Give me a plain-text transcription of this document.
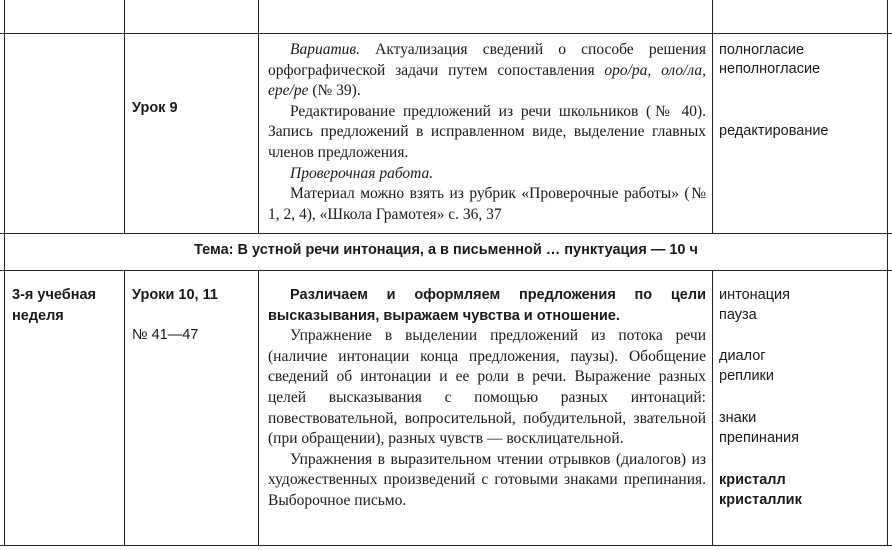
Урок 9

Вариатив. Актуализация сведений о способе решения орфографической задачи путем сопоставления оро/ра, оло/ла, ере/ре (№ 39).

Редактирование предложений из речи школьников (№ 40). Запись предложений в исправленном виде, выделение главных членов предложения.

Проверочная работа.

Материал можно взять из рубрик «Проверочные работы» (№ 1, 2, 4), «Школа Грамотея» с. 36, 37

полногласие
неполногласие
редактирование
Тема: В устной речи интонация, а в письменной … пунктуация — 10 ч
3-я учебная неделя
Уроки 10, 11
№ 41—47

Различаем и оформляем предложения по цели высказывания, выражаем чувства и отношение.

Упражнение в выделении предложений из потока речи (наличие интонации конца предложения, паузы). Обобщение сведений об интонации и ее роли в речи. Выражение разных целей высказывания с помощью разных интонаций: повествовательной, вопросительной, побудительной, звательной (при обращении), разных чувств — восклицательной.

Упражнения в выразительном чтении отрывков (диалогов) из художественных произведений с готовыми знаками препинания. Выборочное письмо.

интонация
пауза
диалог
реплики
знаки
препинания
кристалл
кристаллик
